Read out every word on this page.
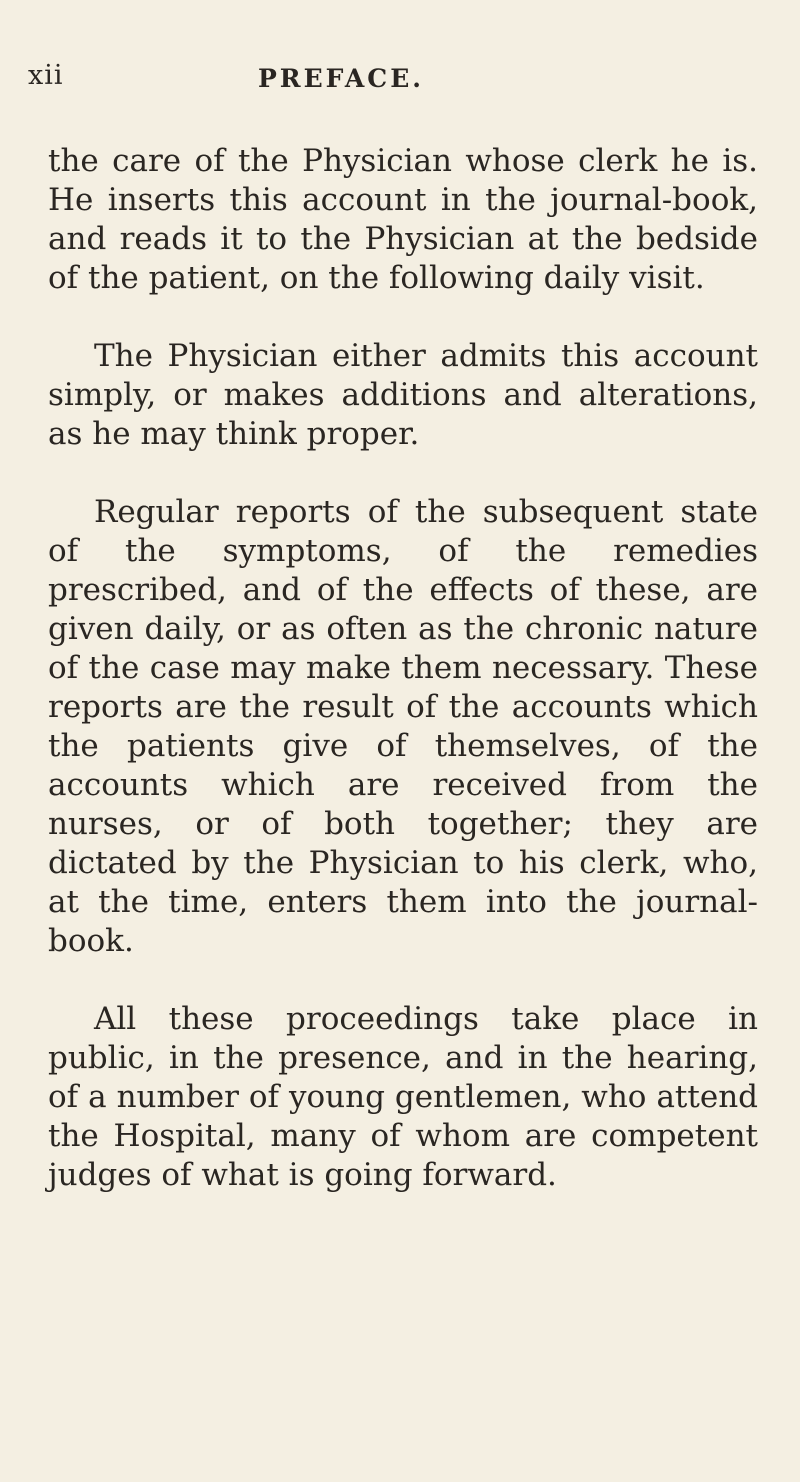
xii	PREFACE.

the care of the Physician whose clerk he is. He inserts this account in the journal-book, and reads it to the Physician at the bedside of the patient, on the following daily visit.

The Physician either admits this account simply, or makes additions and alterations, as he may think proper.

Regular reports of the subsequent state of the symptoms, of the remedies prescribed, and of the effects of these, are given daily, or as often as the chronic nature of the case may make them necessary. These reports are the result of the accounts which the patients give of themselves, of the accounts which are received from the nurses, or of both together; they are dictated by the Physician to his clerk, who, at the time, enters them into the journal-book.

All these proceedings take place in public, in the presence, and in the hearing, of a number of young gentlemen, who attend the Hospital, many of whom are competent judges of what is going forward.
